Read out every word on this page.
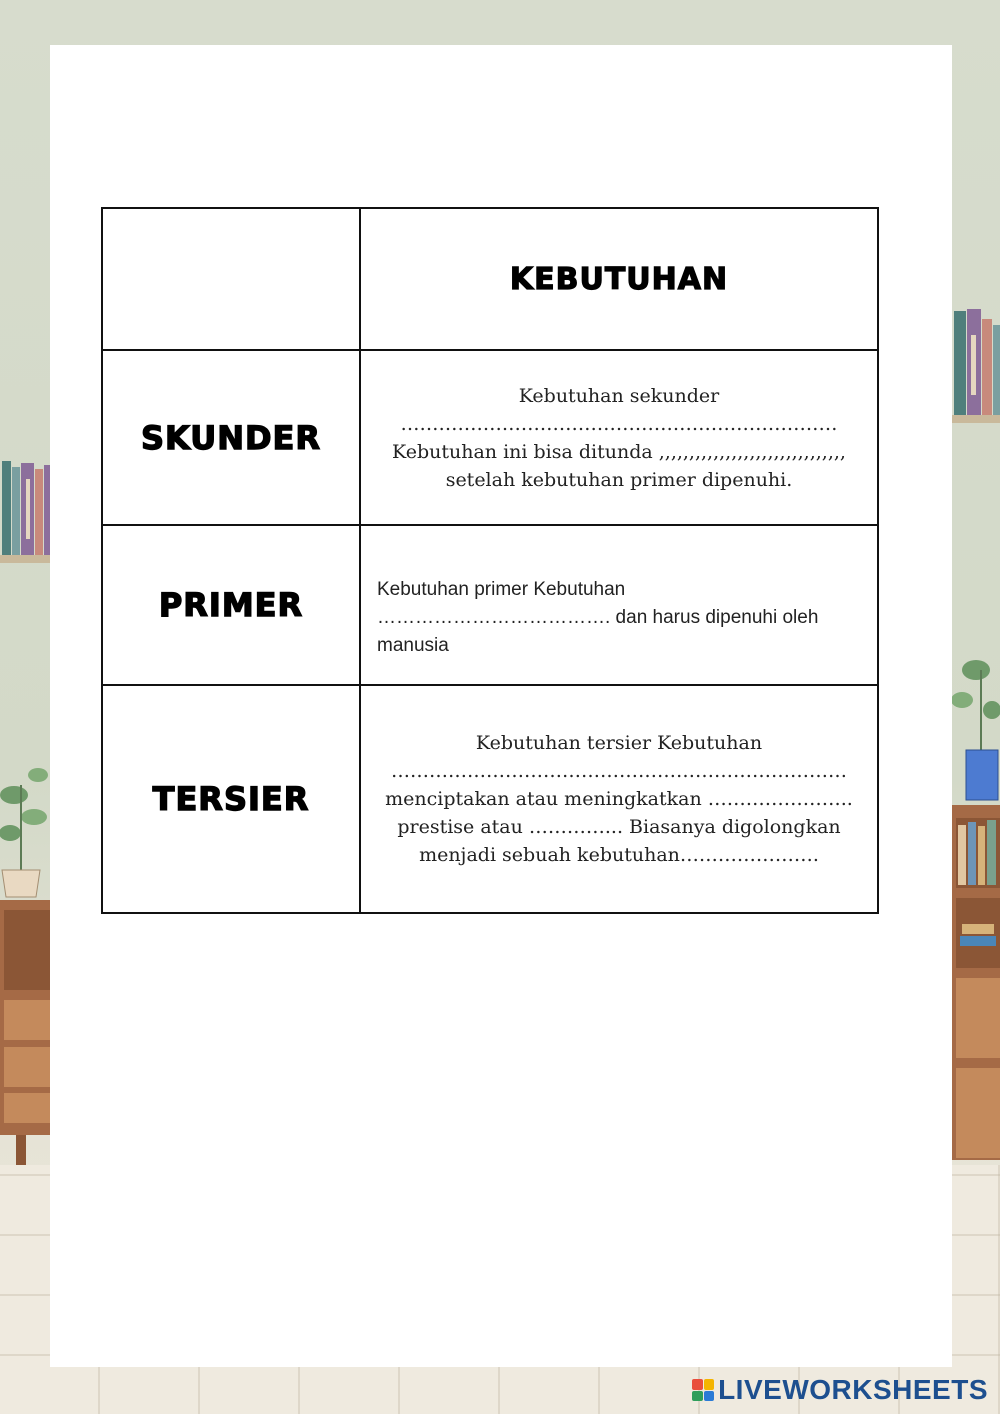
	KEBUTUHAN

SKUNDER	Kebutuhan sekunder ……………………………………………………………Kebutuhan ini bisa ditunda ,,,,,,,,,,,,,,,,,,,,,,,,,,,,,,, setelah kebutuhan primer dipenuhi.

PRIMER	Kebutuhan primer Kebutuhan ………………………………. dan harus dipenuhi oleh manusia

TERSIER	Kebutuhan tersier Kebutuhan ………………………………………………………………menciptakan atau meningkatkan ………………….. prestise atau …………... Biasanya digolongkan menjadi sebuah kebutuhan………………….
LIVEWORKSHEETS
